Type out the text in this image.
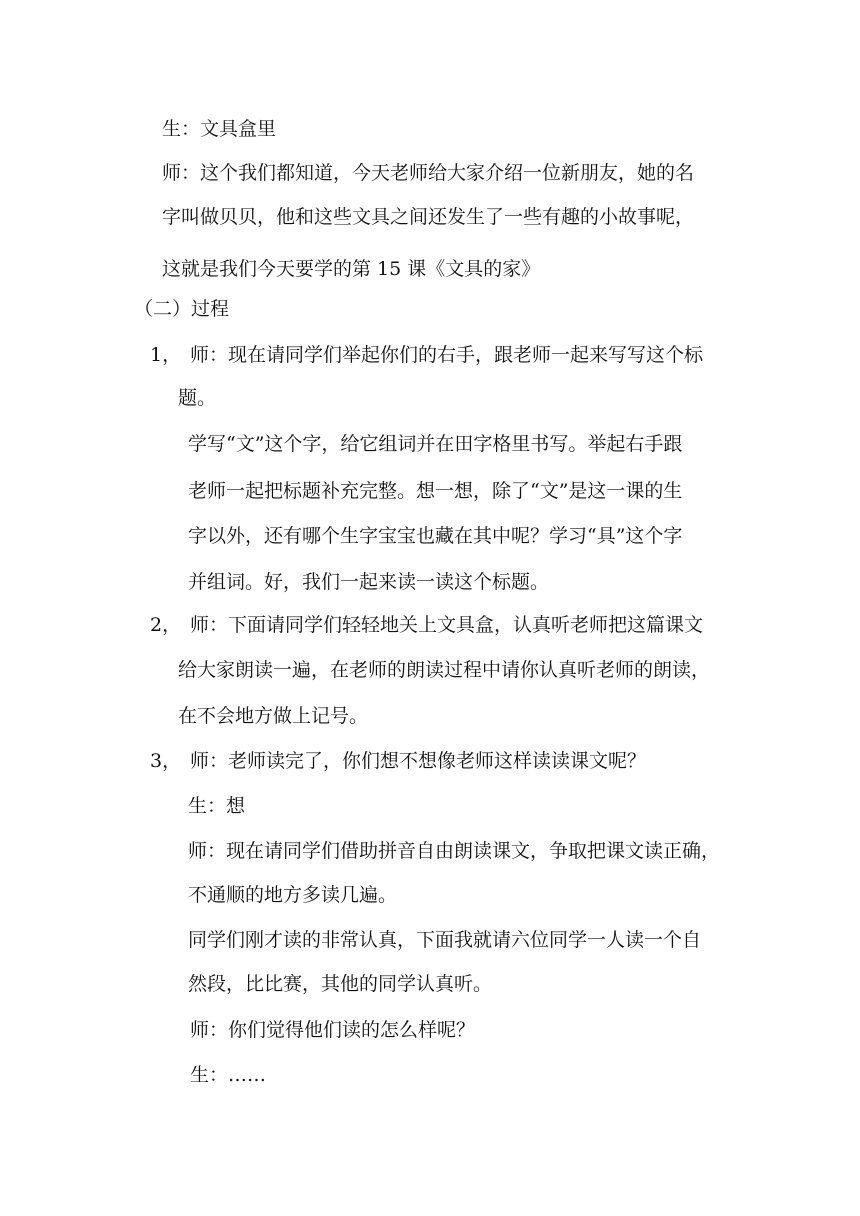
生：文具盒里

师：这个我们都知道，今天老师给大家介绍一位新朋友，她的名

字叫做贝贝，他和这些文具之间还发生了一些有趣的小故事呢，

这就是我们今天要学的第 15 课《文具的家》

（二）过程

1， 师：现在请同学们举起你们的右手，跟老师一起来写写这个标

题。

学写“文”这个字，给它组词并在田字格里书写。举起右手跟

老师一起把标题补充完整。想一想，除了“文”是这一课的生

字以外，还有哪个生字宝宝也藏在其中呢？学习“具”这个字

并组词。好，我们一起来读一读这个标题。

2， 师：下面请同学们轻轻地关上文具盒，认真听老师把这篇课文

给大家朗读一遍，在老师的朗读过程中请你认真听老师的朗读，

在不会地方做上记号。

3， 师：老师读完了，你们想不想像老师这样读读课文呢？

生：想

师：现在请同学们借助拼音自由朗读课文，争取把课文读正确，

不通顺的地方多读几遍。

同学们刚才读的非常认真，下面我就请六位同学一人读一个自

然段，比比赛，其他的同学认真听。

师：你们觉得他们读的怎么样呢？

生：……
